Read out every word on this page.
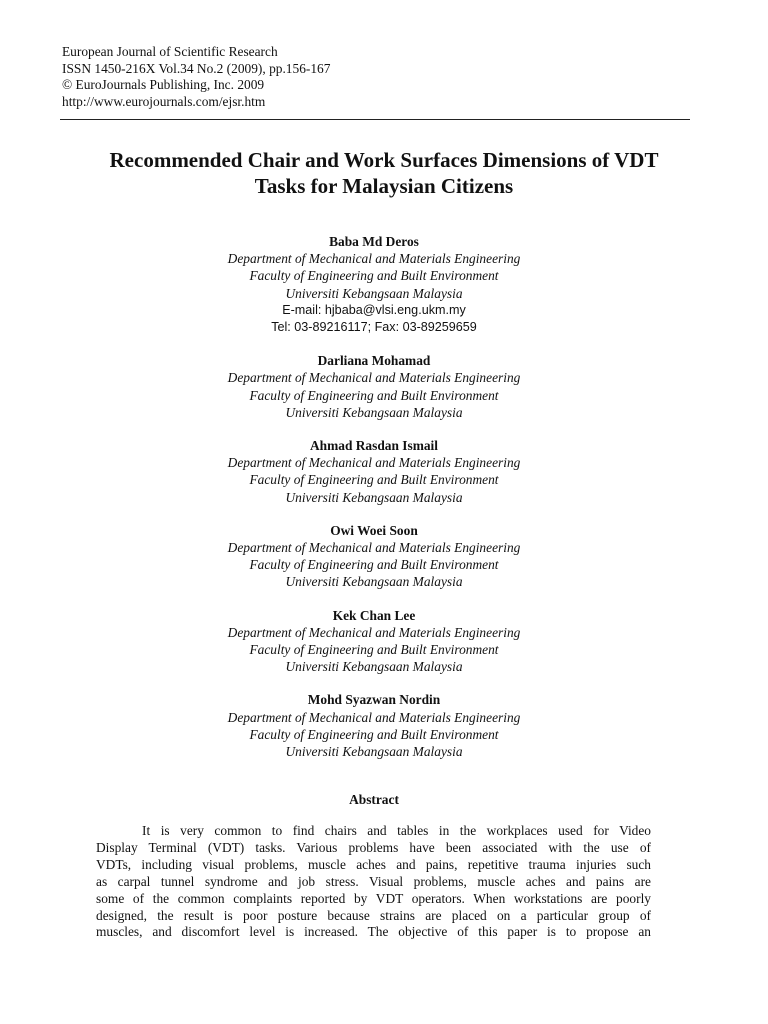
European Journal of Scientific Research
ISSN 1450-216X Vol.34 No.2 (2009), pp.156-167
© EuroJournals Publishing, Inc. 2009
http://www.eurojournals.com/ejsr.htm
Recommended Chair and Work Surfaces Dimensions of VDT
Tasks for Malaysian Citizens
Baba Md Deros
Department of Mechanical and Materials Engineering
Faculty of Engineering and Built Environment
Universiti Kebangsaan Malaysia
E-mail: hjbaba@vlsi.eng.ukm.my
Tel: 03-89216117; Fax: 03-89259659
Darliana Mohamad
Department of Mechanical and Materials Engineering
Faculty of Engineering and Built Environment
Universiti Kebangsaan Malaysia
Ahmad Rasdan Ismail
Department of Mechanical and Materials Engineering
Faculty of Engineering and Built Environment
Universiti Kebangsaan Malaysia
Owi Woei Soon
Department of Mechanical and Materials Engineering
Faculty of Engineering and Built Environment
Universiti Kebangsaan Malaysia
Kek Chan Lee
Department of Mechanical and Materials Engineering
Faculty of Engineering and Built Environment
Universiti Kebangsaan Malaysia
Mohd Syazwan Nordin
Department of Mechanical and Materials Engineering
Faculty of Engineering and Built Environment
Universiti Kebangsaan Malaysia
Abstract
It is very common to find chairs and tables in the workplaces used for Video
Display Terminal (VDT) tasks. Various problems have been associated with the use of
VDTs, including visual problems, muscle aches and pains, repetitive trauma injuries such
as carpal tunnel syndrome and job stress. Visual problems, muscle aches and pains are
some of the common complaints reported by VDT operators. When workstations are poorly
designed, the result is poor posture because strains are placed on a particular group of
muscles, and discomfort level is increased. The objective of this paper is to propose an
